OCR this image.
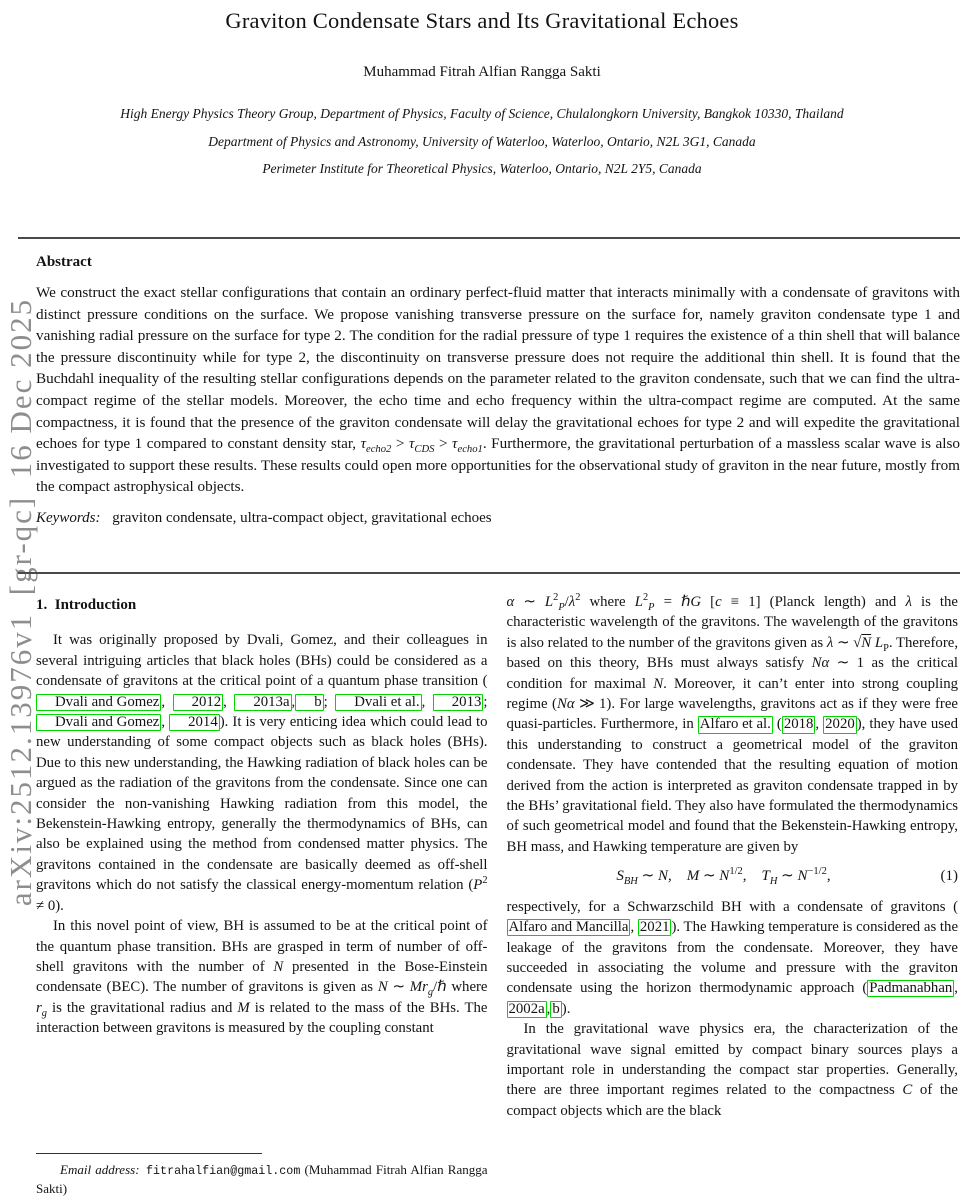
arXiv:2512.13976v1 [gr-qc] 16 Dec 2025
Graviton Condensate Stars and Its Gravitational Echoes
Muhammad Fitrah Alfian Rangga Sakti

High Energy Physics Theory Group, Department of Physics, Faculty of Science, Chulalongkorn University, Bangkok 10330, Thailand

Department of Physics and Astronomy, University of Waterloo, Waterloo, Ontario, N2L 3G1, Canada

Perimeter Institute for Theoretical Physics, Waterloo, Ontario, N2L 2Y5, Canada

Abstract

We construct the exact stellar configurations that contain an ordinary perfect-fluid matter that interacts minimally with a condensate of gravitons with distinct pressure conditions on the surface. We propose vanishing transverse pressure on the surface for, namely graviton condensate type 1 and vanishing radial pressure on the surface for type 2. The condition for the radial pressure of type 1 requires the existence of a thin shell that will balance the pressure discontinuity while for type 2, the discontinuity on transverse pressure does not require the additional thin shell. It is found that the Buchdahl inequality of the resulting stellar configurations depends on the parameter related to the graviton condensate, such that we can find the ultra-compact regime of the stellar models. Moreover, the echo time and echo frequency within the ultra-compact regime are computed. At the same compactness, it is found that the presence of the graviton condensate will delay the gravitational echoes for type 2 and will expedite the gravitational echoes for type 1 compared to constant density star, $\tau_{echo2} > \tau_{CDS} > \tau_{echo1}$. Furthermore, the gravitational perturbation of a massless scalar wave is also investigated to support these results. These results could open more opportunities for the observational study of graviton in the near future, mostly from the compact astrophysical objects.

Keywords: graviton condensate, ultra-compact object, gravitational echoes

1. Introduction

It was originally proposed by Dvali, Gomez, and their colleagues in several intriguing articles that black holes (BHs) could be considered as a condensate of gravitons at the critical point of a quantum phase transition (Dvali and Gomez , 2012 , 2013a , b ; Dvali et al. , 2013 ; Dvali and Gomez , 2014 ). It is very enticing idea which could lead to new understanding of some compact objects such as black holes (BHs). Due to this new understanding, the Hawking radiation of black holes can be argued as the radiation of the gravitons from the condensate. Since one can consider the non-vanishing Hawking radiation from this model, the Bekenstein-Hawking entropy, generally the thermodynamics of BHs, can also be explained using the method from condensed matter physics. The gravitons contained in the condensate are basically deemed as off-shell gravitons which do not satisfy the classical energy-momentum relation $(P^2 \ne 0)$.

In this novel point of view, BH is assumed to be at the critical point of the quantum phase transition. BHs are grasped in term of number of off-shell gravitons with the number of N presented in the Bose-Einstein condensate (BEC). The number of gravitons is given as N ∼ $Mr_g/\hbar$ where $r_g$ is the gravitational radius and M is related to the mass of the BHs. The interaction between gravitons is measured by the coupling constant

Email address: fitrahalfian@gmail.com (Muhammad Fitrah Alfian Rangga Sakti)

α ∼ $L^2_P/\lambda^2$ where $L^2_P$ = ℏG [c ≡ 1] (Planck length) and λ is the characteristic wavelength of the gravitons. The wavelength of the gravitons is also related to the number of the gravitons given as λ ∼ √N $L_P$. Therefore, based on this theory, BHs must always satisfy Nα ∼ 1 as the critical condition for maximal N. Moreover, it can’t enter into strong coupling regime (Nα ≫ 1). For large wavelengths, gravitons act as if they were free quasi-particles. Furthermore, in Alfaro et al. ( 2018 , 2020 ), they have used this understanding to construct a geometrical model of the graviton condensate. They have contended that the resulting equation of motion derived from the action is interpreted as graviton condensate trapped in by the BHs’ gravitational field. They also have formulated the thermodynamics of such geometrical model and found that the Bekenstein-Hawking entropy, BH mass, and Hawking temperature are given by

$S_{BH}$ ∼ N, M ∼ $N^{1/2}$, $T_H$ ∼ $N^{-1/2}$,	(1)

respectively, for a Schwarzschild BH with a condensate of gravitons (Alfaro and Mancilla , 2021 ). The Hawking temperature is considered as the leakage of the gravitons from the condensate. Moreover, they have succeeded in associating the volume and pressure with the graviton condensate using the horizon thermodynamic approach ( Padmanabhan , 2002a , b ).

In the gravitational wave physics era, the characterization of the gravitational wave signal emitted by compact binary sources plays a important role in understanding the compact star properties. Generally, there are three important regimes related to the compactness C of the compact objects which are the black
